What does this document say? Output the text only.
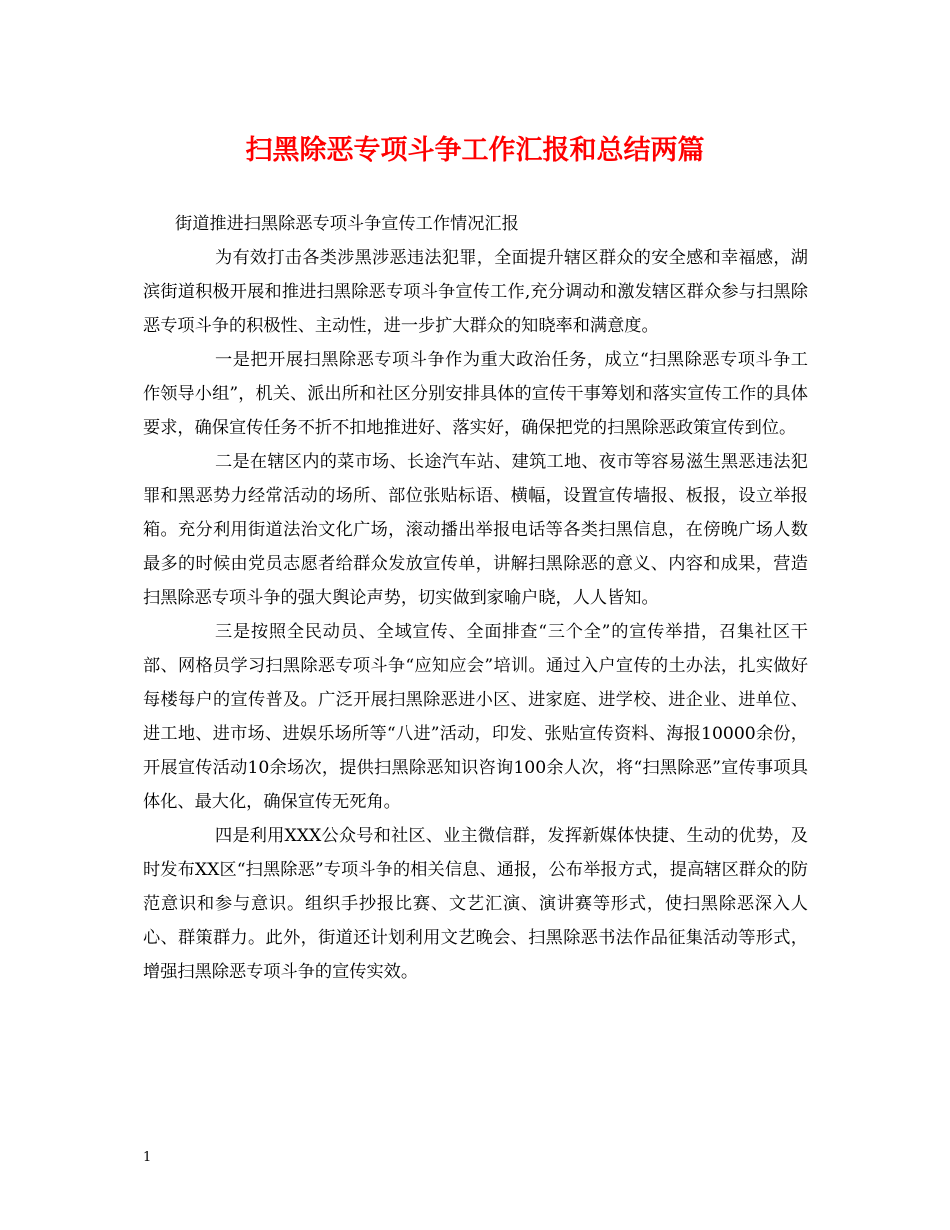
扫黑除恶专项斗争工作汇报和总结两篇

街道推进扫黑除恶专项斗争宣传工作情况汇报

为有效打击各类涉黑涉恶违法犯罪，全面提升辖区群众的安全感和幸福感，湖滨街道积极开展和推进扫黑除恶专项斗争宣传工作,充分调动和激发辖区群众参与扫黑除恶专项斗争的积极性、主动性，进一步扩大群众的知晓率和满意度。

一是把开展扫黑除恶专项斗争作为重大政治任务，成立“扫黑除恶专项斗争工作领导小组”，机关、派出所和社区分别安排具体的宣传干事筹划和落实宣传工作的具体要求，确保宣传任务不折不扣地推进好、落实好，确保把党的扫黑除恶政策宣传到位。

二是在辖区内的菜市场、长途汽车站、建筑工地、夜市等容易滋生黑恶违法犯罪和黑恶势力经常活动的场所、部位张贴标语、横幅，设置宣传墙报、板报，设立举报箱。充分利用街道法治文化广场，滚动播出举报电话等各类扫黑信息，在傍晚广场人数最多的时候由党员志愿者给群众发放宣传单，讲解扫黑除恶的意义、内容和成果，营造扫黑除恶专项斗争的强大舆论声势，切实做到家喻户晓，人人皆知。

三是按照全民动员、全域宣传、全面排查“三个全”的宣传举措，召集社区干部、网格员学习扫黑除恶专项斗争“应知应会”培训。通过入户宣传的土办法，扎实做好每楼每户的宣传普及。广泛开展扫黑除恶进小区、进家庭、进学校、进企业、进单位、进工地、进市场、进娱乐场所等“八进”活动，印发、张贴宣传资料、海报10000余份，开展宣传活动10余场次，提供扫黑除恶知识咨询100余人次，将“扫黑除恶”宣传事项具体化、最大化，确保宣传无死角。

四是利用XXX公众号和社区、业主微信群，发挥新媒体快捷、生动的优势，及时发布XX区“扫黑除恶”专项斗争的相关信息、通报，公布举报方式，提高辖区群众的防范意识和参与意识。组织手抄报比赛、文艺汇演、演讲赛等形式，使扫黑除恶深入人心、群策群力。此外，街道还计划利用文艺晚会、扫黑除恶书法作品征集活动等形式，增强扫黑除恶专项斗争的宣传实效。

1
